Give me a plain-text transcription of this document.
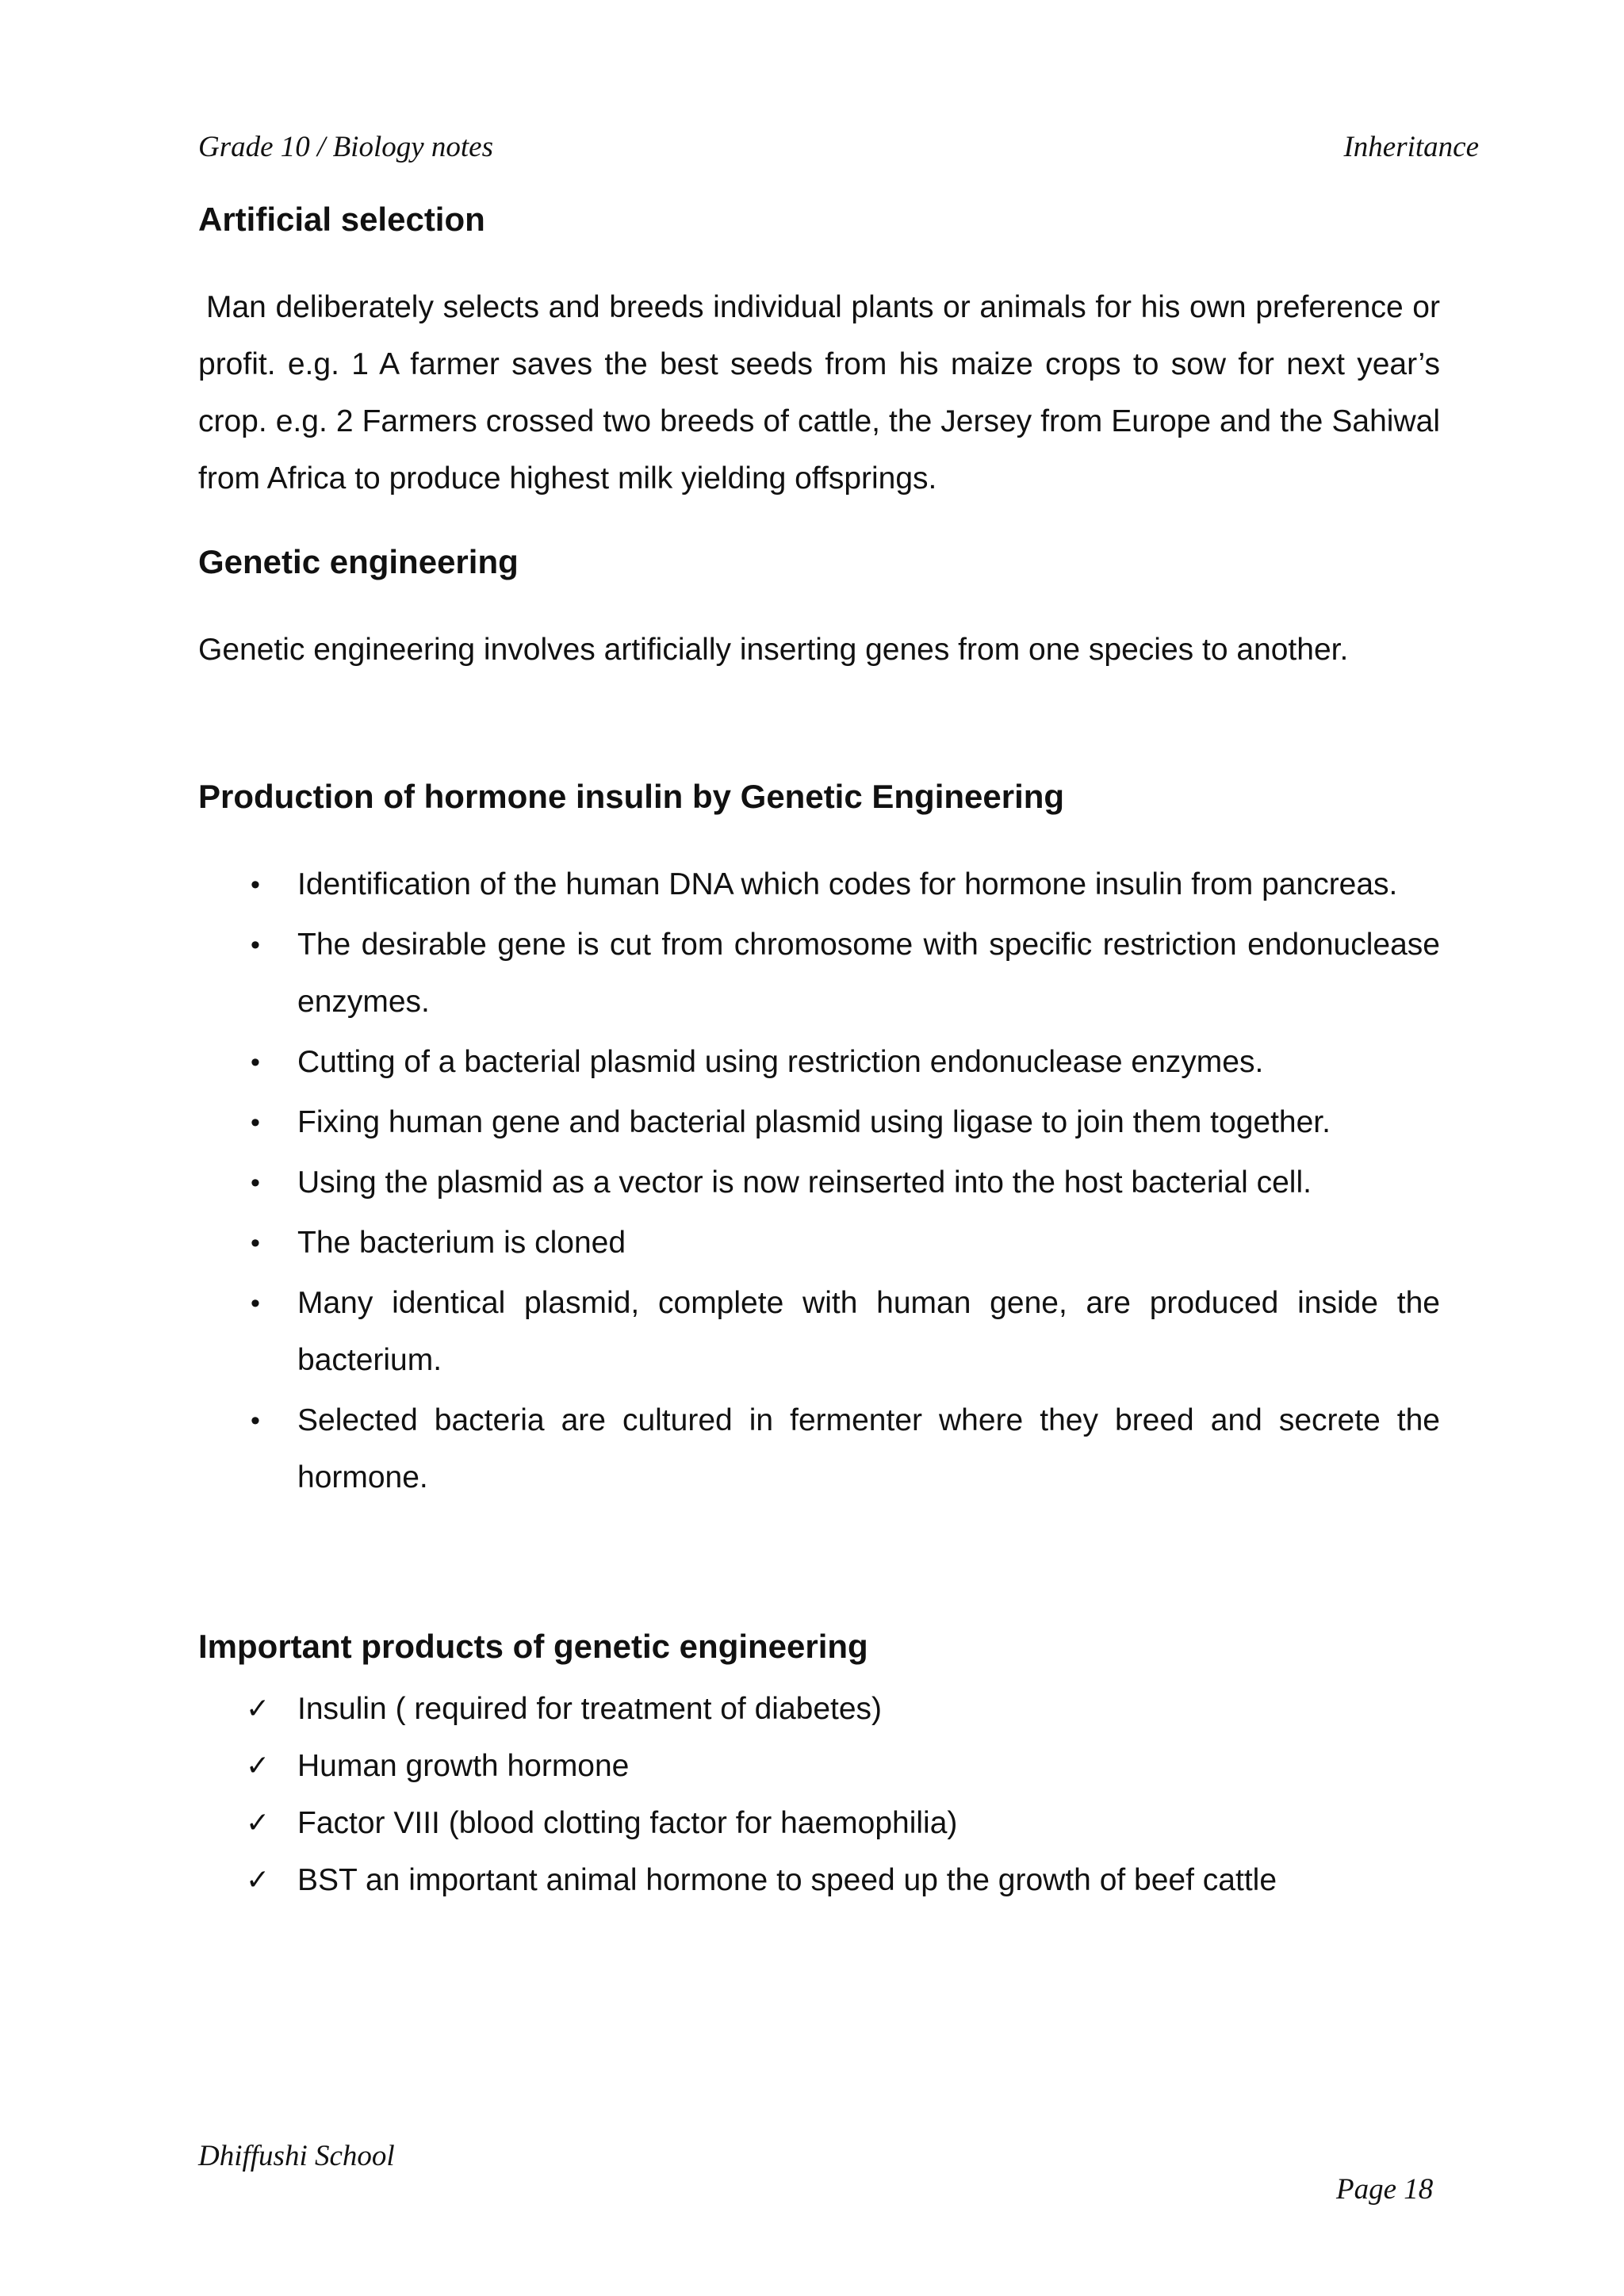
Grade 10 / Biology notes	Inheritance
Artificial selection

Man deliberately selects and breeds individual plants or animals for his own preference or profit. e.g. 1 A farmer saves the best seeds from his maize crops to sow for next year’s crop. e.g. 2 Farmers crossed two breeds of cattle, the Jersey from Europe and the Sahiwal from Africa to produce highest milk yielding offsprings.

Genetic engineering

Genetic engineering involves artificially inserting genes from one species to another.

Production of hormone insulin by Genetic Engineering
• Identification of the human DNA which codes for hormone insulin from pancreas.
• The desirable gene is cut from chromosome with specific restriction endonuclease enzymes.
• Cutting of a bacterial plasmid using restriction endonuclease enzymes.
• Fixing human gene and bacterial plasmid using ligase to join them together.
• Using the plasmid as a vector is now reinserted into the host bacterial cell.
• The bacterium is cloned
• Many identical plasmid, complete with human gene, are produced inside the bacterium.
• Selected bacteria are cultured in fermenter where they breed and secrete the hormone.
Important products of genetic engineering
✓ Insulin ( required for treatment of diabetes)
✓ Human growth hormone
✓ Factor VIII (blood clotting factor for haemophilia)
✓ BST an important animal hormone to speed up the growth of beef cattle
Dhiffushi School
Page 18
